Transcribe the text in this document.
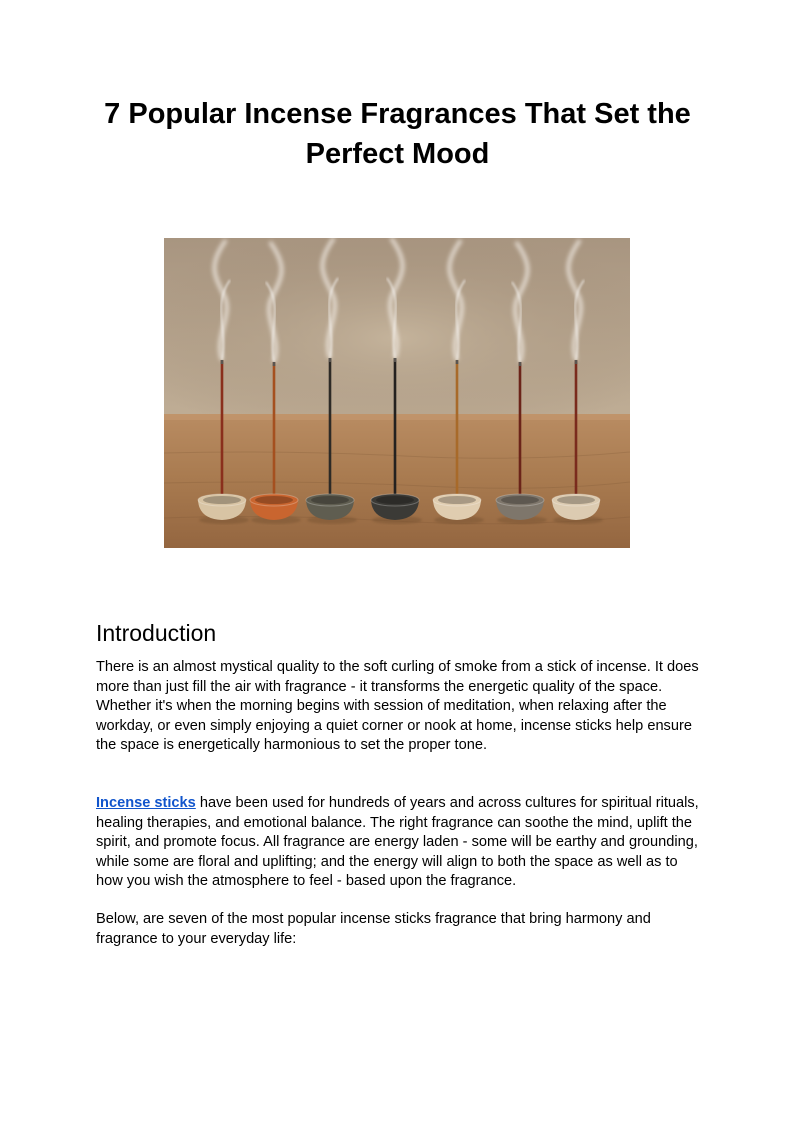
7 Popular Incense Fragrances That Set the Perfect Mood
Introduction

There is an almost mystical quality to the soft curling of smoke from a stick of incense. It does more than just fill the air with fragrance - it transforms the energetic quality of the space. Whether it's when the morning begins with session of meditation, when relaxing after the workday, or even simply enjoying a quiet corner or nook at home, incense sticks help ensure the space is energetically harmonious to set the proper tone.

Incense sticks have been used for hundreds of years and across cultures for spiritual rituals, healing therapies, and emotional balance. The right fragrance can soothe the mind, uplift the spirit, and promote focus. All fragrance are energy laden - some will be earthy and grounding, while some are floral and uplifting; and the energy will align to both the space as well as to how you wish the atmosphere to feel - based upon the fragrance.

Below, are seven of the most popular incense sticks fragrance that bring harmony and fragrance to your everyday life:
